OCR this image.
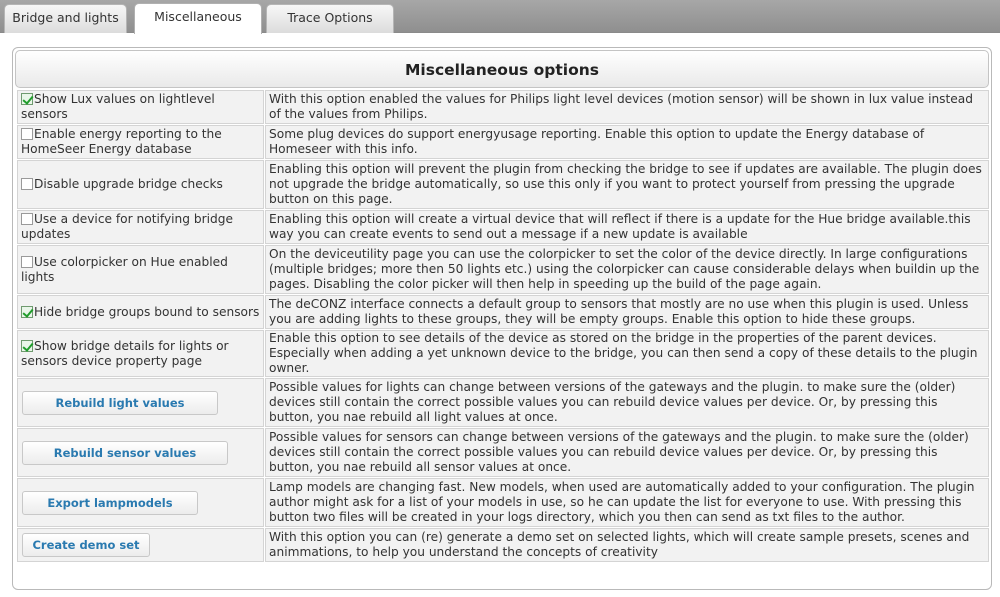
Bridge and lights	Miscellaneous	Trace Options
Miscellaneous options
Show Lux values on lightlevel sensors	With this option enabled the values for Philips light level devices (motion sensor) will be shown in lux value instead of the values from Philips.
Enable energy reporting to the HomeSeer Energy database	Some plug devices do support energyusage reporting. Enable this option to update the Energy database of Homeseer with this info.
Disable upgrade bridge checks	Enabling this option will prevent the plugin from checking the bridge to see if updates are available. The plugin does not upgrade the bridge automatically, so use this only if you want to protect yourself from pressing the upgrade button on this page.
Use a device for notifying bridge updates	Enabling this option will create a virtual device that will reflect if there is a update for the Hue bridge available.this way you can create events to send out a message if a new update is available
Use colorpicker on Hue enabled lights	On the deviceutility page you can use the colorpicker to set the color of the device directly. In large configurations (multiple bridges; more then 50 lights etc.) using the colorpicker can cause considerable delays when buildin up the pages. Disabling the color picker will then help in speeding up the build of the page again.
Hide bridge groups bound to sensors	The deCONZ interface connects a default group to sensors that mostly are no use when this plugin is used. Unless you are adding lights to these groups, they will be empty groups. Enable this option to hide these groups.
Show bridge details for lights or sensors device property page	Enable this option to see details of the device as stored on the bridge in the properties of the parent devices. Especially when adding a yet unknown device to the bridge, you can then send a copy of these details to the plugin owner.
Rebuild light values	Possible values for lights can change between versions of the gateways and the plugin. to make sure the (older) devices still contain the correct possible values you can rebuild device values per device. Or, by pressing this button, you nae rebuild all light values at once.
Rebuild sensor values	Possible values for sensors can change between versions of the gateways and the plugin. to make sure the (older) devices still contain the correct possible values you can rebuild device values per device. Or, by pressing this button, you nae rebuild all sensor values at once.
Export lampmodels	Lamp models are changing fast. New models, when used are automatically added to your configuration. The plugin author might ask for a list of your models in use, so he can update the list for everyone to use. With pressing this button two files will be created in your logs directory, which you then can send as txt files to the author.
Create demo set	With this option you can (re) generate a demo set on selected lights, which will create sample presets, scenes and animmations, to help you understand the concepts of creativity
